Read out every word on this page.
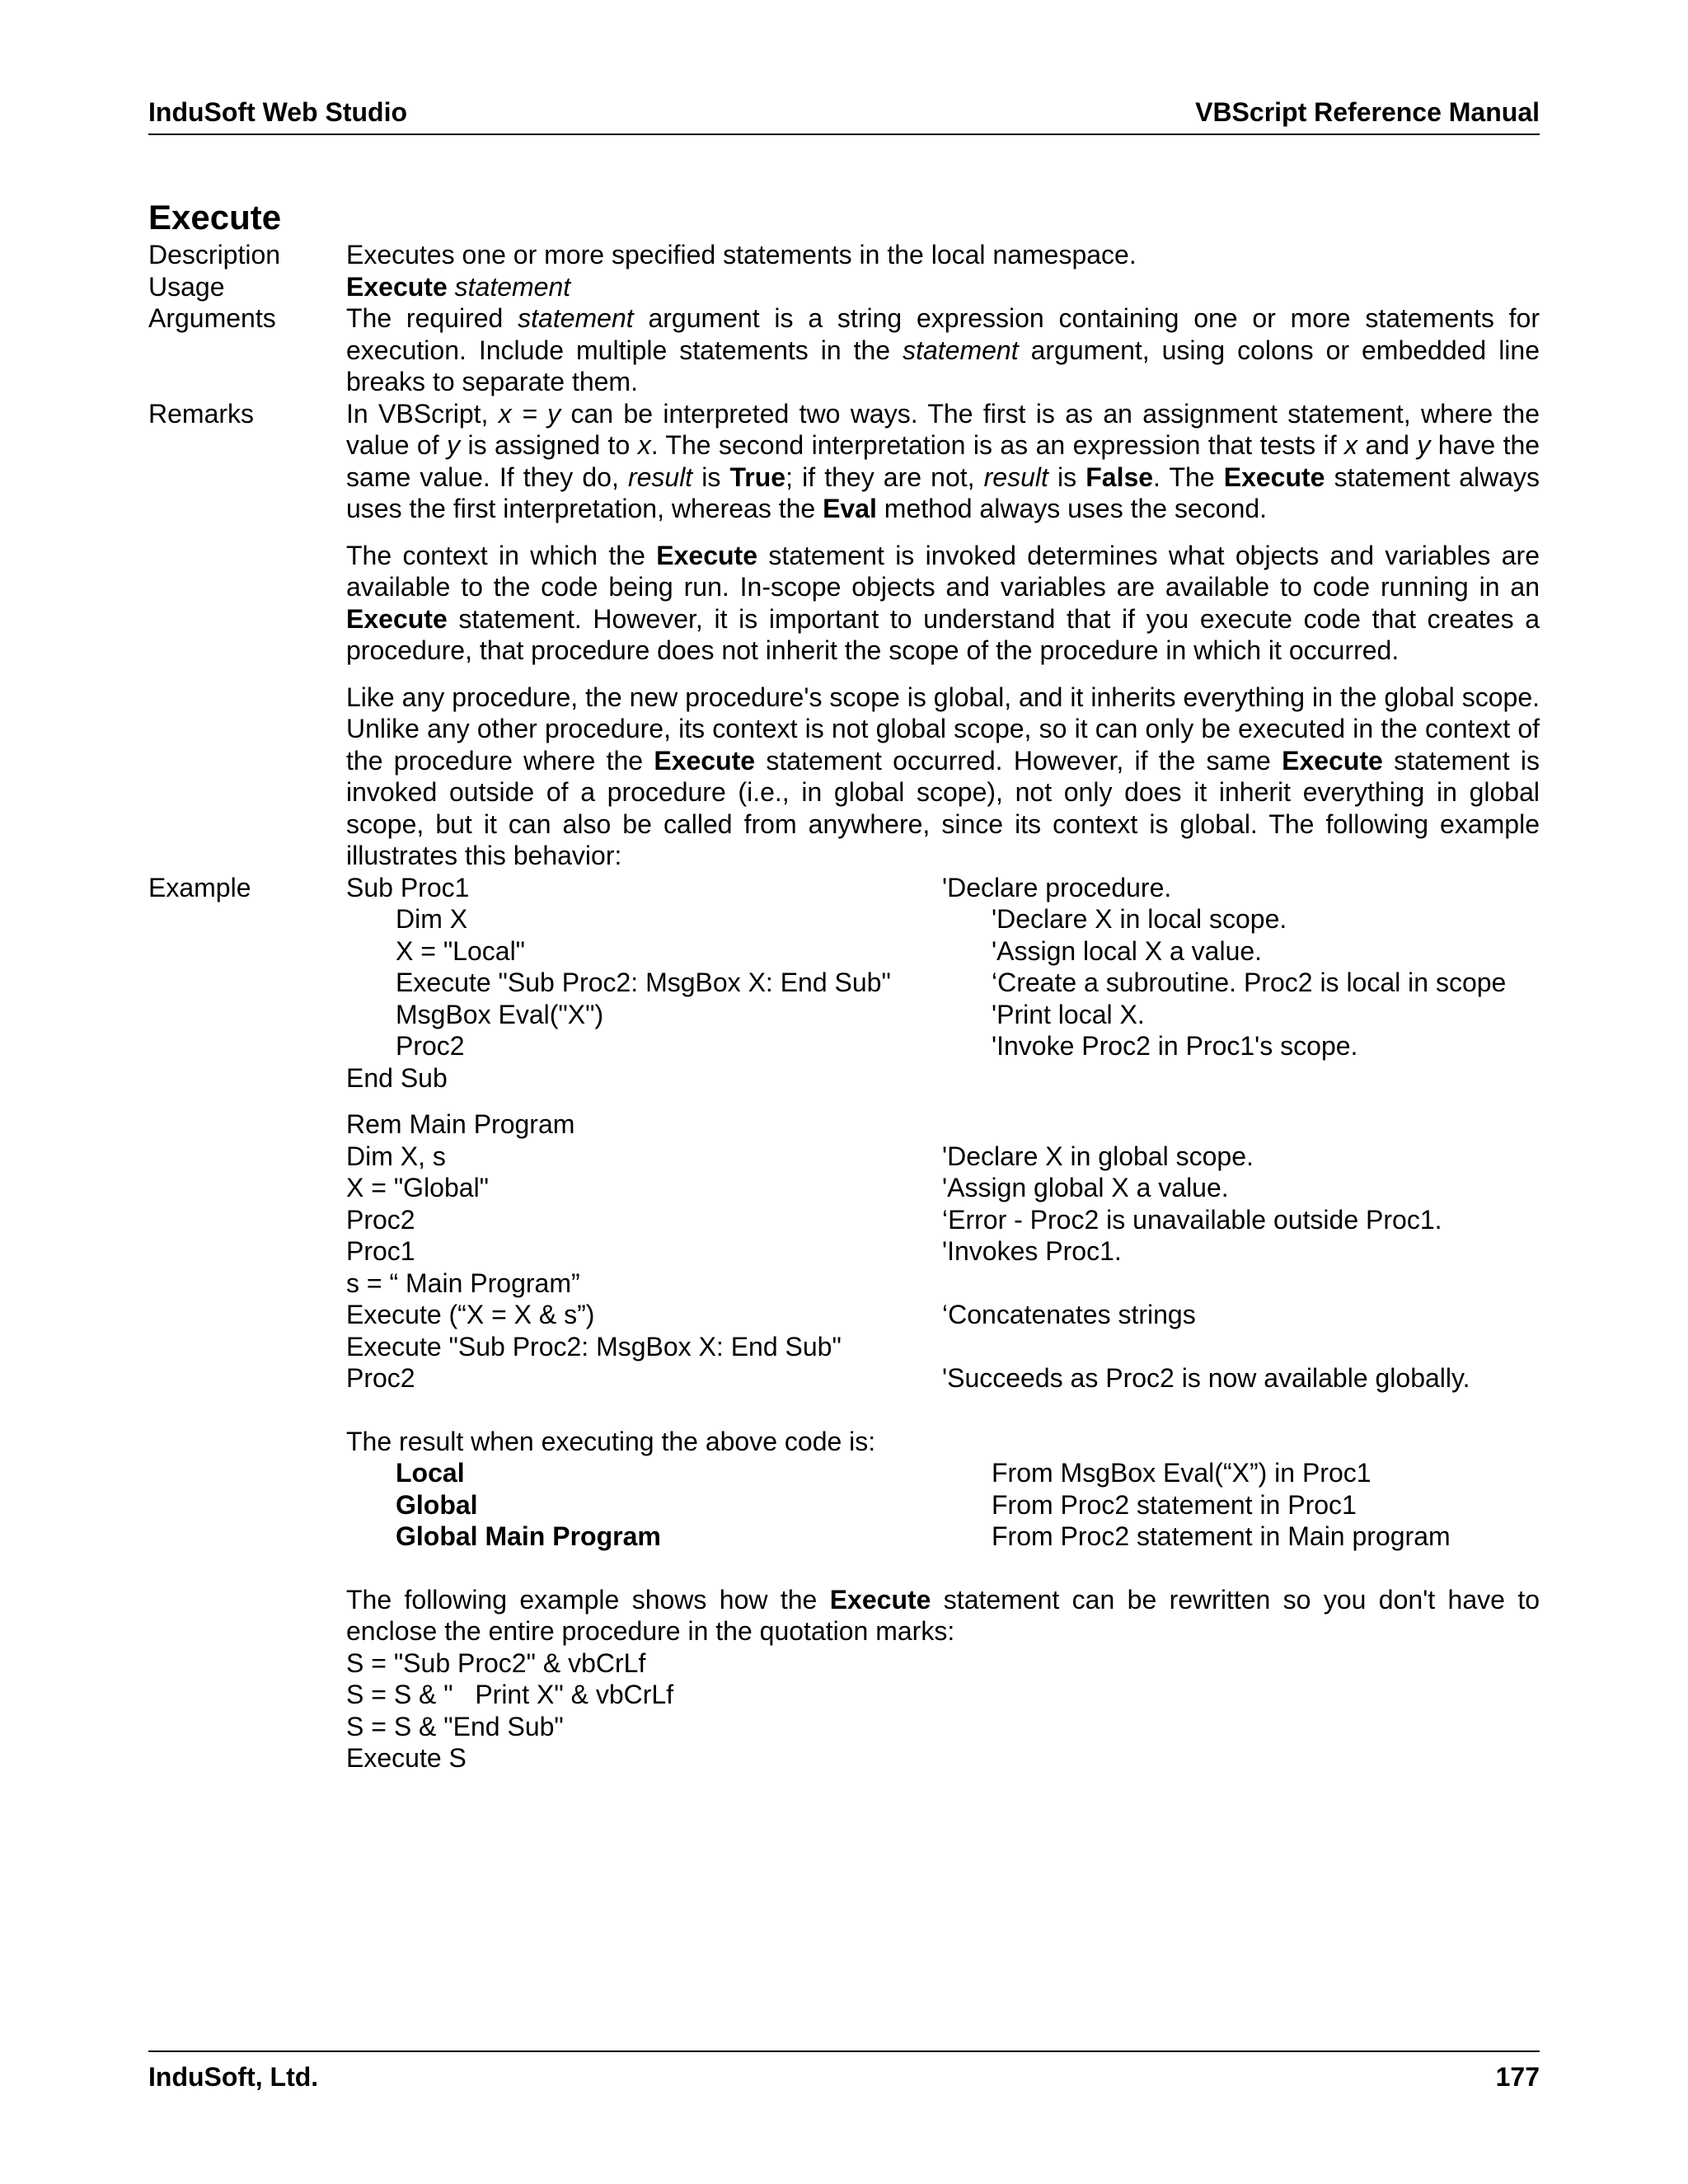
InduSoft Web Studio	VBScript Reference Manual
Execute
Description	Executes one or more specified statements in the local namespace.
Usage	Execute statement
Arguments	The required statement argument is a string expression containing one or more statements for execution. Include multiple statements in the statement argument, using colons or embedded line breaks to separate them.
Remarks	In VBScript, x = y can be interpreted two ways. The first is as an assignment statement, where the value of y is assigned to x. The second interpretation is as an expression that tests if x and y have the same value. If they do, result is True; if they are not, result is False. The Execute statement always uses the first interpretation, whereas the Eval method always uses the second.

The context in which the Execute statement is invoked determines what objects and variables are available to the code being run. In-scope objects and variables are available to code running in an Execute statement. However, it is important to understand that if you execute code that creates a procedure, that procedure does not inherit the scope of the procedure in which it occurred.

Like any procedure, the new procedure's scope is global, and it inherits everything in the global scope. Unlike any other procedure, its context is not global scope, so it can only be executed in the context of the procedure where the Execute statement occurred. However, if the same Execute statement is invoked outside of a procedure (i.e., in global scope), not only does it inherit everything in global scope, but it can also be called from anywhere, since its context is global. The following example illustrates this behavior:

Example	Sub Proc1	'Declare procedure.
Dim X	'Declare X in local scope.
X = "Local"	'Assign local X a value.
Execute "Sub Proc2: MsgBox X: End Sub"	‘Create a subroutine. Proc2 is local in scope
MsgBox Eval("X")	'Print local X.
Proc2	'Invoke Proc2 in Proc1's scope.
End Sub
Rem Main Program
Dim X, s	'Declare X in global scope.
X = "Global"	'Assign global X a value.
Proc2	‘Error - Proc2 is unavailable outside Proc1.
Proc1	'Invokes Proc1.
s = “ Main Program”
Execute (“X = X & s”)	‘Concatenates strings
Execute "Sub Proc2: MsgBox X: End Sub"
Proc2	'Succeeds as Proc2 is now available globally.

The result when executing the above code is:

Local	From MsgBox Eval(“X”) in Proc1
Global	From Proc2 statement in Proc1
Global Main Program	From Proc2 statement in Main program

The following example shows how the Execute statement can be rewritten so you don't have to enclose the entire procedure in the quotation marks:

S = "Sub Proc2" & vbCrLf
S = S & "   Print X" & vbCrLf
S = S & "End Sub"
Execute S
InduSoft, Ltd.	177
